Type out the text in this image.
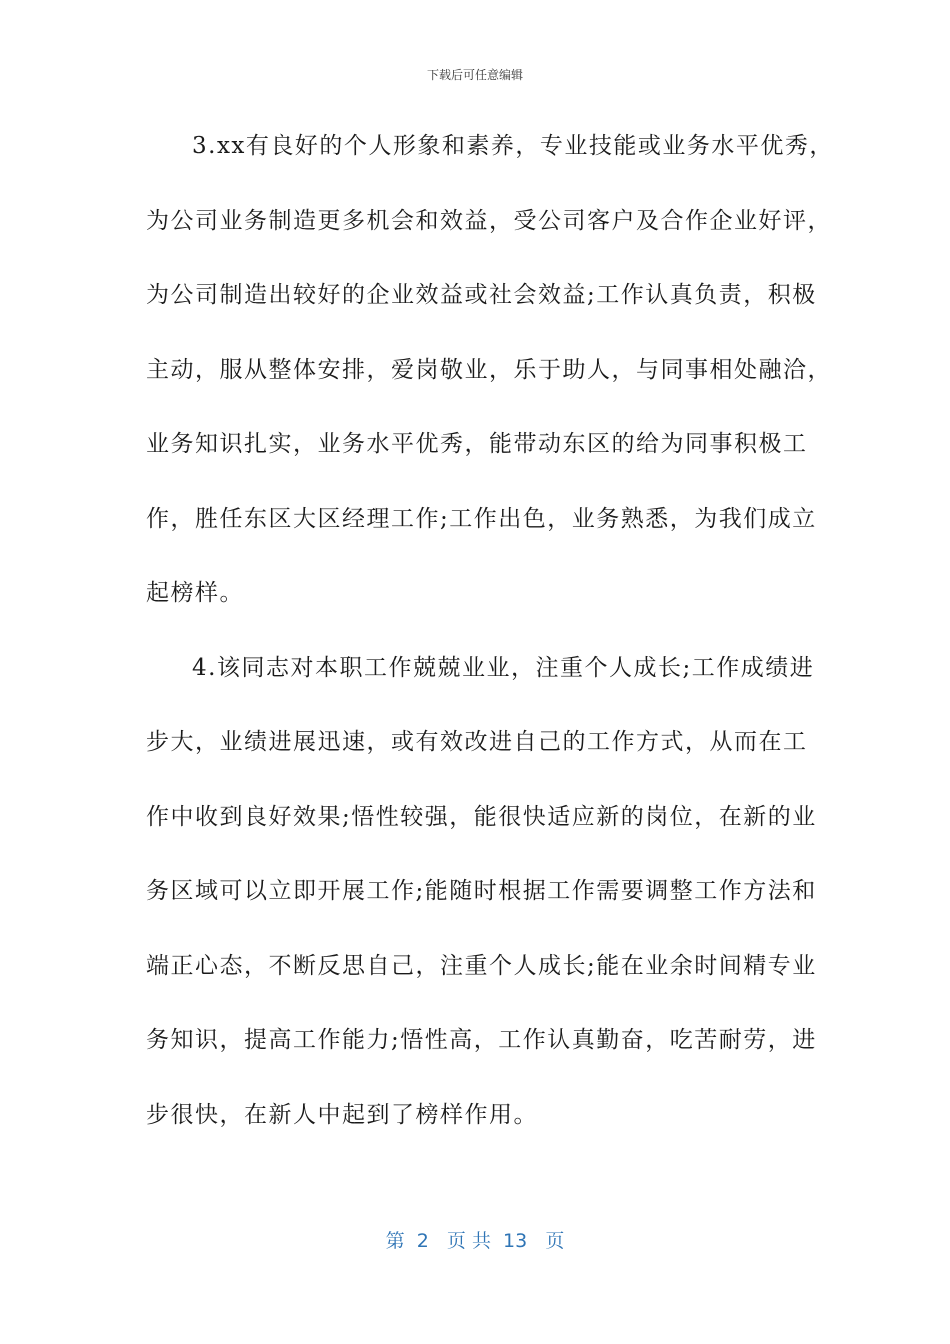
下载后可任意编辑
3.xx有良好的个人形象和素养，专业技能或业务水平优秀，
为公司业务制造更多机会和效益，受公司客户及合作企业好评，
为公司制造出较好的企业效益或社会效益;工作认真负责，积极
主动，服从整体安排，爱岗敬业，乐于助人，与同事相处融洽，
业务知识扎实，业务水平优秀，能带动东区的给为同事积极工
作，胜任东区大区经理工作;工作出色，业务熟悉，为我们成立
起榜样。
4.该同志对本职工作兢兢业业，注重个人成长;工作成绩进
步大，业绩进展迅速，或有效改进自己的工作方式，从而在工
作中收到良好效果;悟性较强，能很快适应新的岗位，在新的业
务区域可以立即开展工作;能随时根据工作需要调整工作方法和
端正心态，不断反思自己，注重个人成长;能在业余时间精专业
务知识，提高工作能力;悟性高，工作认真勤奋，吃苦耐劳，进
步很快，在新人中起到了榜样作用。
第  2   页 共  13   页
